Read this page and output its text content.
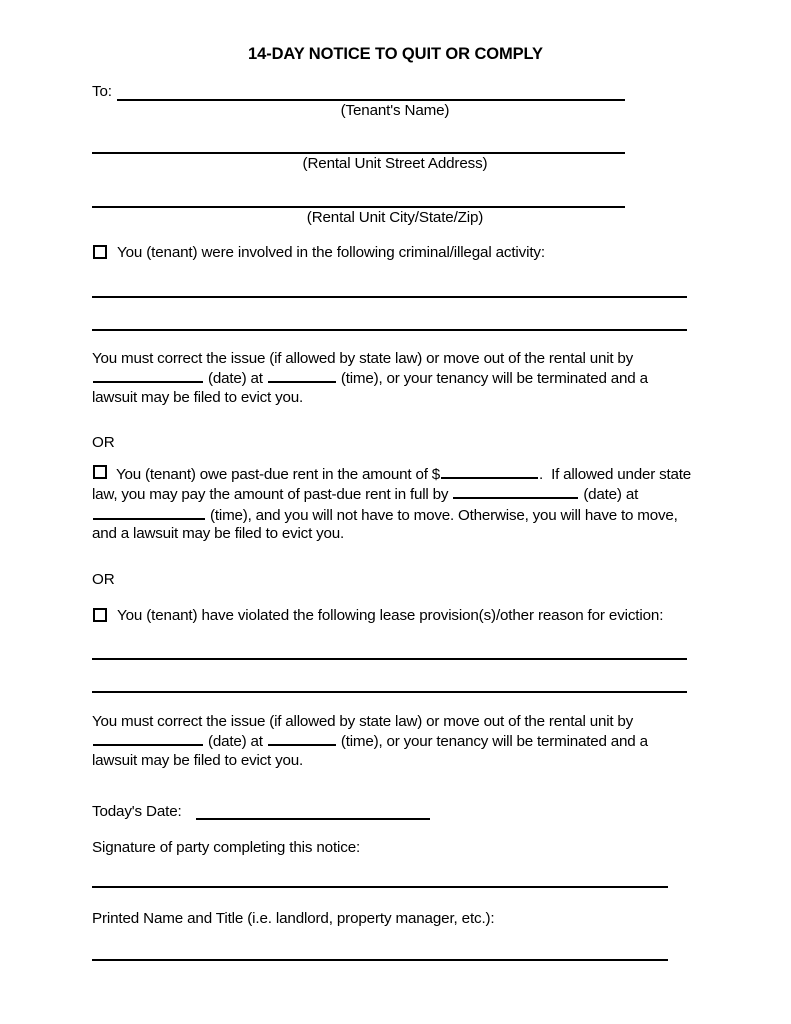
14-DAY NOTICE TO QUIT OR COMPLY
To:
(Tenant's Name)
(Rental Unit Street Address)
(Rental Unit City/State/Zip)
You (tenant) were involved in the following criminal/illegal activity:
You must correct the issue (if allowed by state law) or move out of the rental unit by
(date) at	(time), or your tenancy will be terminated and a
lawsuit may be filed to evict you.
OR
You (tenant) owe past-due rent in the amount of $	. If allowed under state law, you may pay the amount of past-due rent in full by	(date) at  (time), and you will not have to move. Otherwise, you will have to move, and a lawsuit may be filed to evict you.
OR
You (tenant) have violated the following lease provision(s)/other reason for eviction:
You must correct the issue (if allowed by state law) or move out of the rental unit by
(date) at	(time), or your tenancy will be terminated and a
lawsuit may be filed to evict you.
Today's Date:
Signature of party completing this notice:
Printed Name and Title (i.e. landlord, property manager, etc.):
